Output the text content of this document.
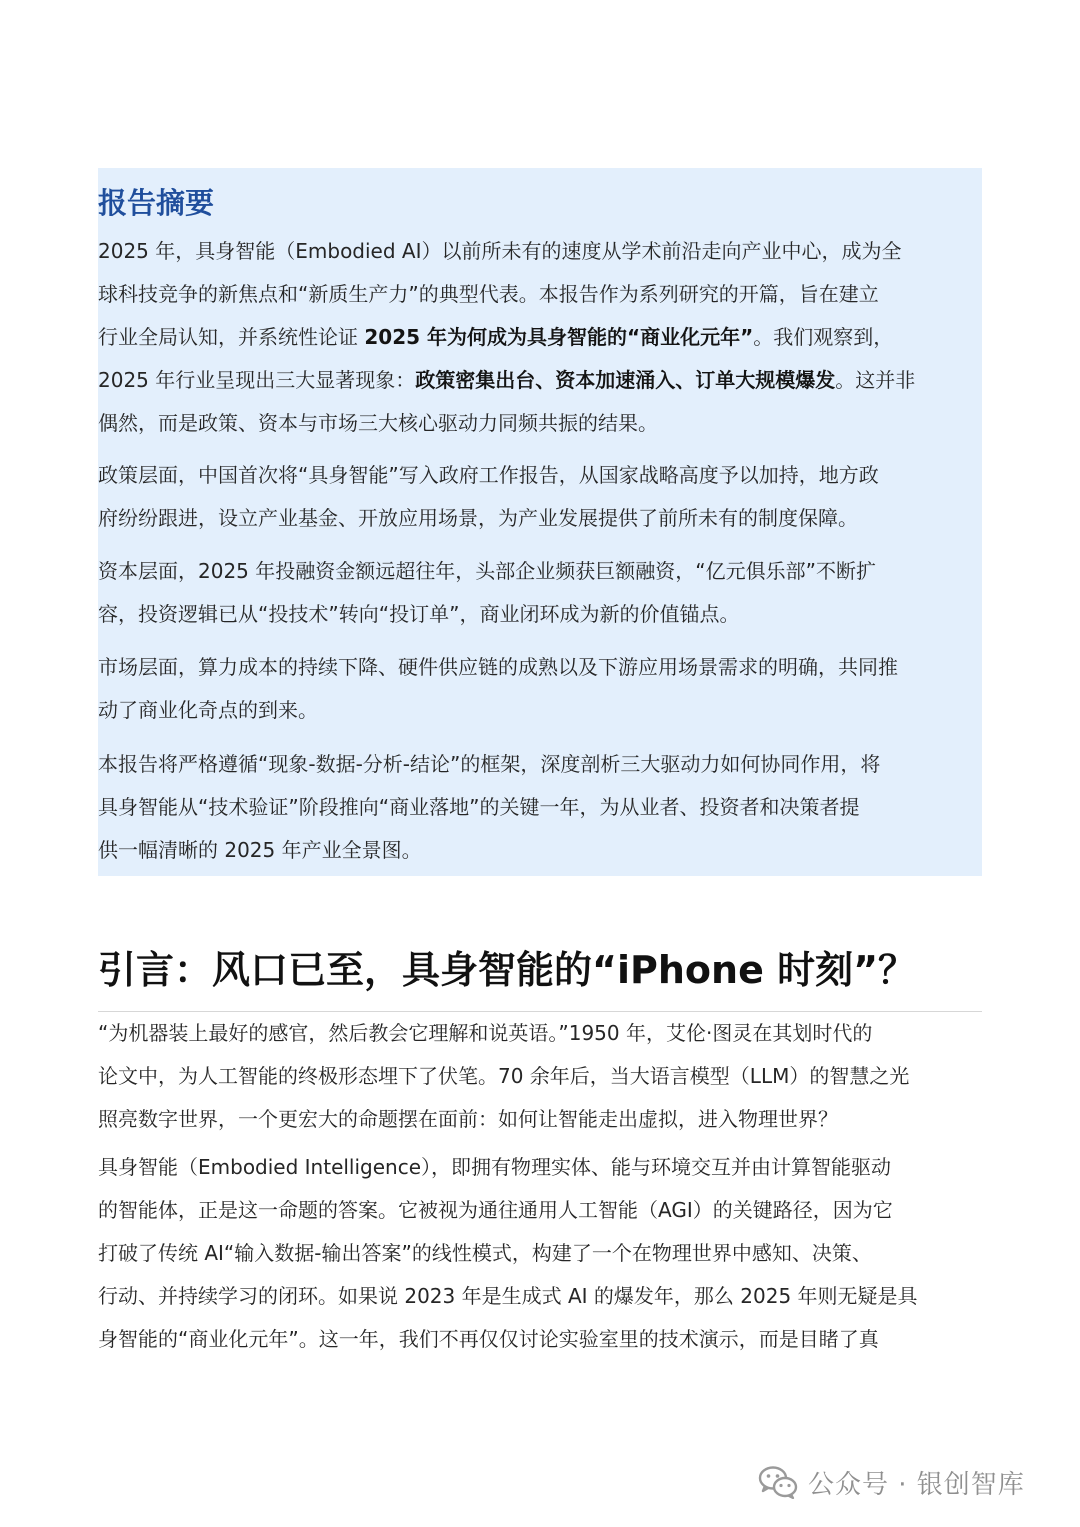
报告摘要

2025 年，具身智能（Embodied AI）以前所未有的速度从学术前沿走向产业中心，成为全

球科技竞争的新焦点和“新质生产力”的典型代表。本报告作为系列研究的开篇，旨在建立

行业全局认知，并系统性论证 2025 年为何成为具身智能的“商业化元年”。我们观察到，

2025 年行业呈现出三大显著现象：政策密集出台、资本加速涌入、订单大规模爆发。这并非

偶然，而是政策、资本与市场三大核心驱动力同频共振的结果。

政策层面，中国首次将“具身智能”写入政府工作报告，从国家战略高度予以加持，地方政

府纷纷跟进，设立产业基金、开放应用场景，为产业发展提供了前所未有的制度保障。

资本层面，2025 年投融资金额远超往年，头部企业频获巨额融资，“亿元俱乐部”不断扩

容，投资逻辑已从“投技术”转向“投订单”，商业闭环成为新的价值锚点。

市场层面，算力成本的持续下降、硬件供应链的成熟以及下游应用场景需求的明确，共同推

动了商业化奇点的到来。

本报告将严格遵循“现象-数据-分析-结论”的框架，深度剖析三大驱动力如何协同作用，将

具身智能从“技术验证”阶段推向“商业落地”的关键一年，为从业者、投资者和决策者提

供一幅清晰的 2025 年产业全景图。

引言：风口已至，具身智能的“iPhone 时刻”？

“为机器装上最好的感官，然后教会它理解和说英语。”1950 年，艾伦·图灵在其划时代的

论文中，为人工智能的终极形态埋下了伏笔。70 余年后，当大语言模型（LLM）的智慧之光

照亮数字世界，一个更宏大的命题摆在面前：如何让智能走出虚拟，进入物理世界？

具身智能（Embodied Intelligence），即拥有物理实体、能与环境交互并由计算智能驱动

的智能体，正是这一命题的答案。它被视为通往通用人工智能（AGI）的关键路径，因为它

打破了传统 AI“输入数据-输出答案”的线性模式，构建了一个在物理世界中感知、决策、

行动、并持续学习的闭环。如果说 2023 年是生成式 AI 的爆发年，那么 2025 年则无疑是具

身智能的“商业化元年”。这一年，我们不再仅仅讨论实验室里的技术演示，而是目睹了真

公众号 · 银创智库
